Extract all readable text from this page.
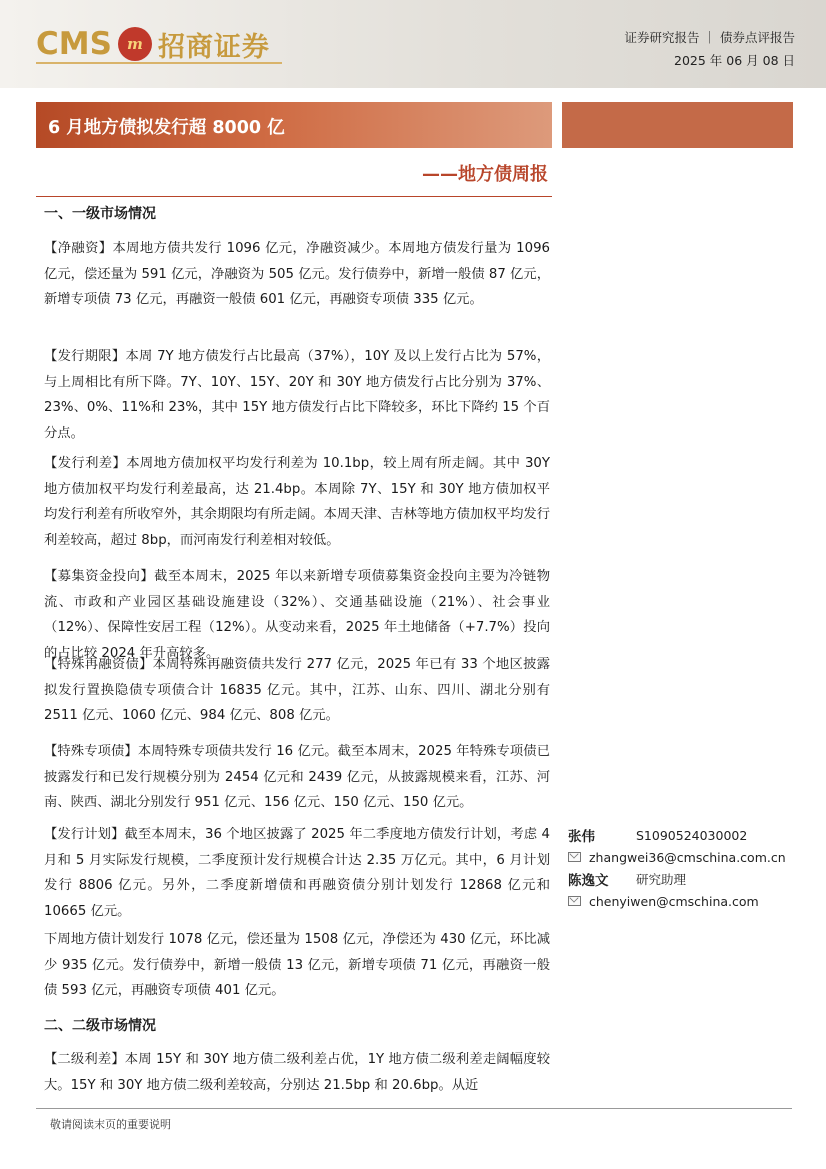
CMS	m 招商证券	证券研究报告 ｜ 债券点评报告
2025 年 06 月 08 日
6 月地方债拟发行超 8000 亿
——地方债周报
一、一级市场情况
【净融资】本周地方债共发行 1096 亿元，净融资减少。本周地方债发行量为 1096 亿元，偿还量为 591 亿元，净融资为 505 亿元。发行债券中，新增一般债 87 亿元，新增专项债 73 亿元，再融资一般债 601 亿元，再融资专项债 335 亿元。
【发行期限】本周 7Y 地方债发行占比最高（37%），10Y 及以上发行占比为 57%，与上周相比有所下降。7Y、10Y、15Y、20Y 和 30Y 地方债发行占比分别为 37%、23%、0%、11%和 23%，其中 15Y 地方债发行占比下降较多，环比下降约 15 个百分点。
【发行利差】本周地方债加权平均发行利差为 10.1bp，较上周有所走阔。其中 30Y 地方债加权平均发行利差最高，达 21.4bp。本周除 7Y、15Y 和 30Y 地方债加权平均发行利差有所收窄外，其余期限均有所走阔。本周天津、吉林等地方债加权平均发行利差较高，超过 8bp，而河南发行利差相对较低。
【募集资金投向】截至本周末，2025 年以来新增专项债募集资金投向主要为冷链物流、市政和产业园区基础设施建设（32%）、交通基础设施（21%）、社会事业（12%）、保障性安居工程（12%）。从变动来看，2025 年土地储备（+7.7%）投向的占比较 2024 年升高较多。
【特殊再融资债】本周特殊再融资债共发行 277 亿元，2025 年已有 33 个地区披露拟发行置换隐债专项债合计 16835 亿元。其中，江苏、山东、四川、湖北分别有 2511 亿元、1060 亿元、984 亿元、808 亿元。
【特殊专项债】本周特殊专项债共发行 16 亿元。截至本周末，2025 年特殊专项债已披露发行和已发行规模分别为 2454 亿元和 2439 亿元，从披露规模来看，江苏、河南、陕西、湖北分别发行 951 亿元、156 亿元、150 亿元、150 亿元。
【发行计划】截至本周末，36 个地区披露了 2025 年二季度地方债发行计划，考虑 4 月和 5 月实际发行规模，二季度预计发行规模合计达 2.35 万亿元。其中，6 月计划发行 8806 亿元。另外，二季度新增债和再融资债分别计划发行 12868 亿元和 10665 亿元。
下周地方债计划发行 1078 亿元，偿还量为 1508 亿元，净偿还为 430 亿元，环比减少 935 亿元。发行债券中，新增一般债 13 亿元，新增专项债 71 亿元，再融资一般债 593 亿元，再融资专项债 401 亿元。
二、二级市场情况
【二级利差】本周 15Y 和 30Y 地方债二级利差占优，1Y 地方债二级利差走阔幅度较大。15Y 和 30Y 地方债二级利差较高，分别达 21.5bp 和 20.6bp。从近
张伟	S1090524030002
zhangwei36@cmschina.com.cn
陈逸文	研究助理
chenyiwen@cmschina.com
敬请阅读末页的重要说明
